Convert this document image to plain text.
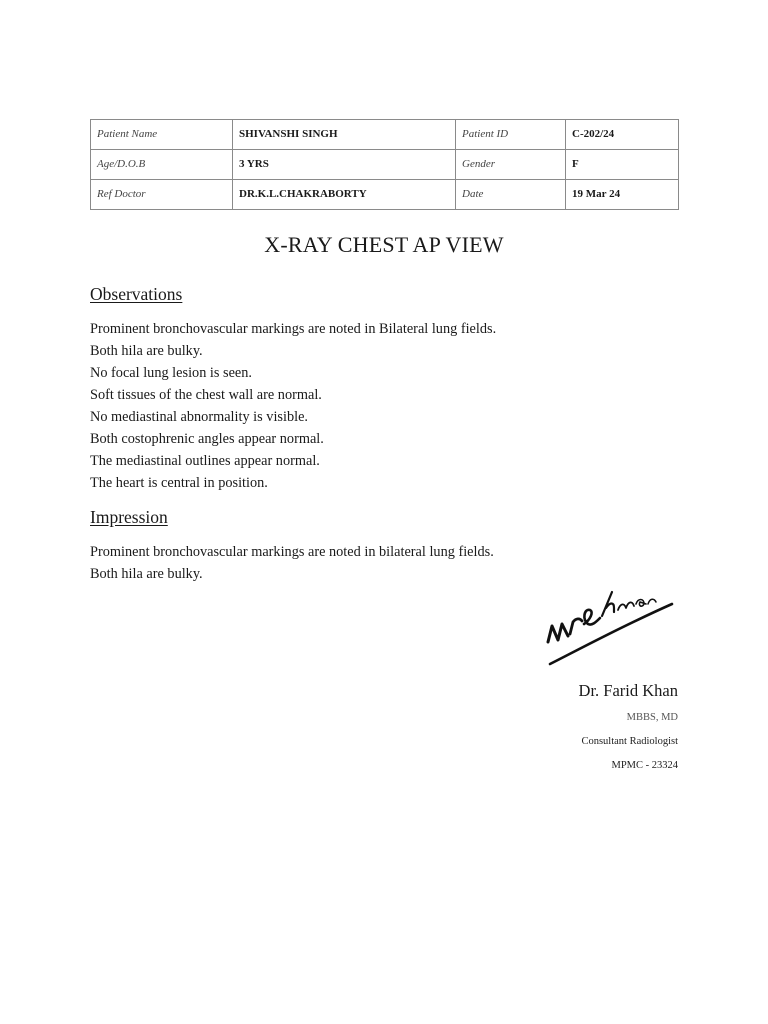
Patient Name	SHIVANSHI SINGH	Patient ID	C-202/24
Age/D.O.B	3 YRS	Gender	F
Ref Doctor	DR.K.L.CHAKRABORTY	Date	19 Mar 24
X-RAY CHEST AP VIEW
Observations
Prominent bronchovascular markings are noted in Bilateral lung fields.
Both hila are bulky.
No focal lung lesion is seen.
Soft tissues of the chest wall are normal.
No mediastinal abnormality is visible.
Both costophrenic angles appear normal.
The mediastinal outlines appear normal.
The heart is central in position.
Impression
Prominent bronchovascular markings are noted in bilateral lung fields.
Both hila are bulky.
Dr. Farid Khan
MBBS, MD
Consultant Radiologist
MPMC - 23324
